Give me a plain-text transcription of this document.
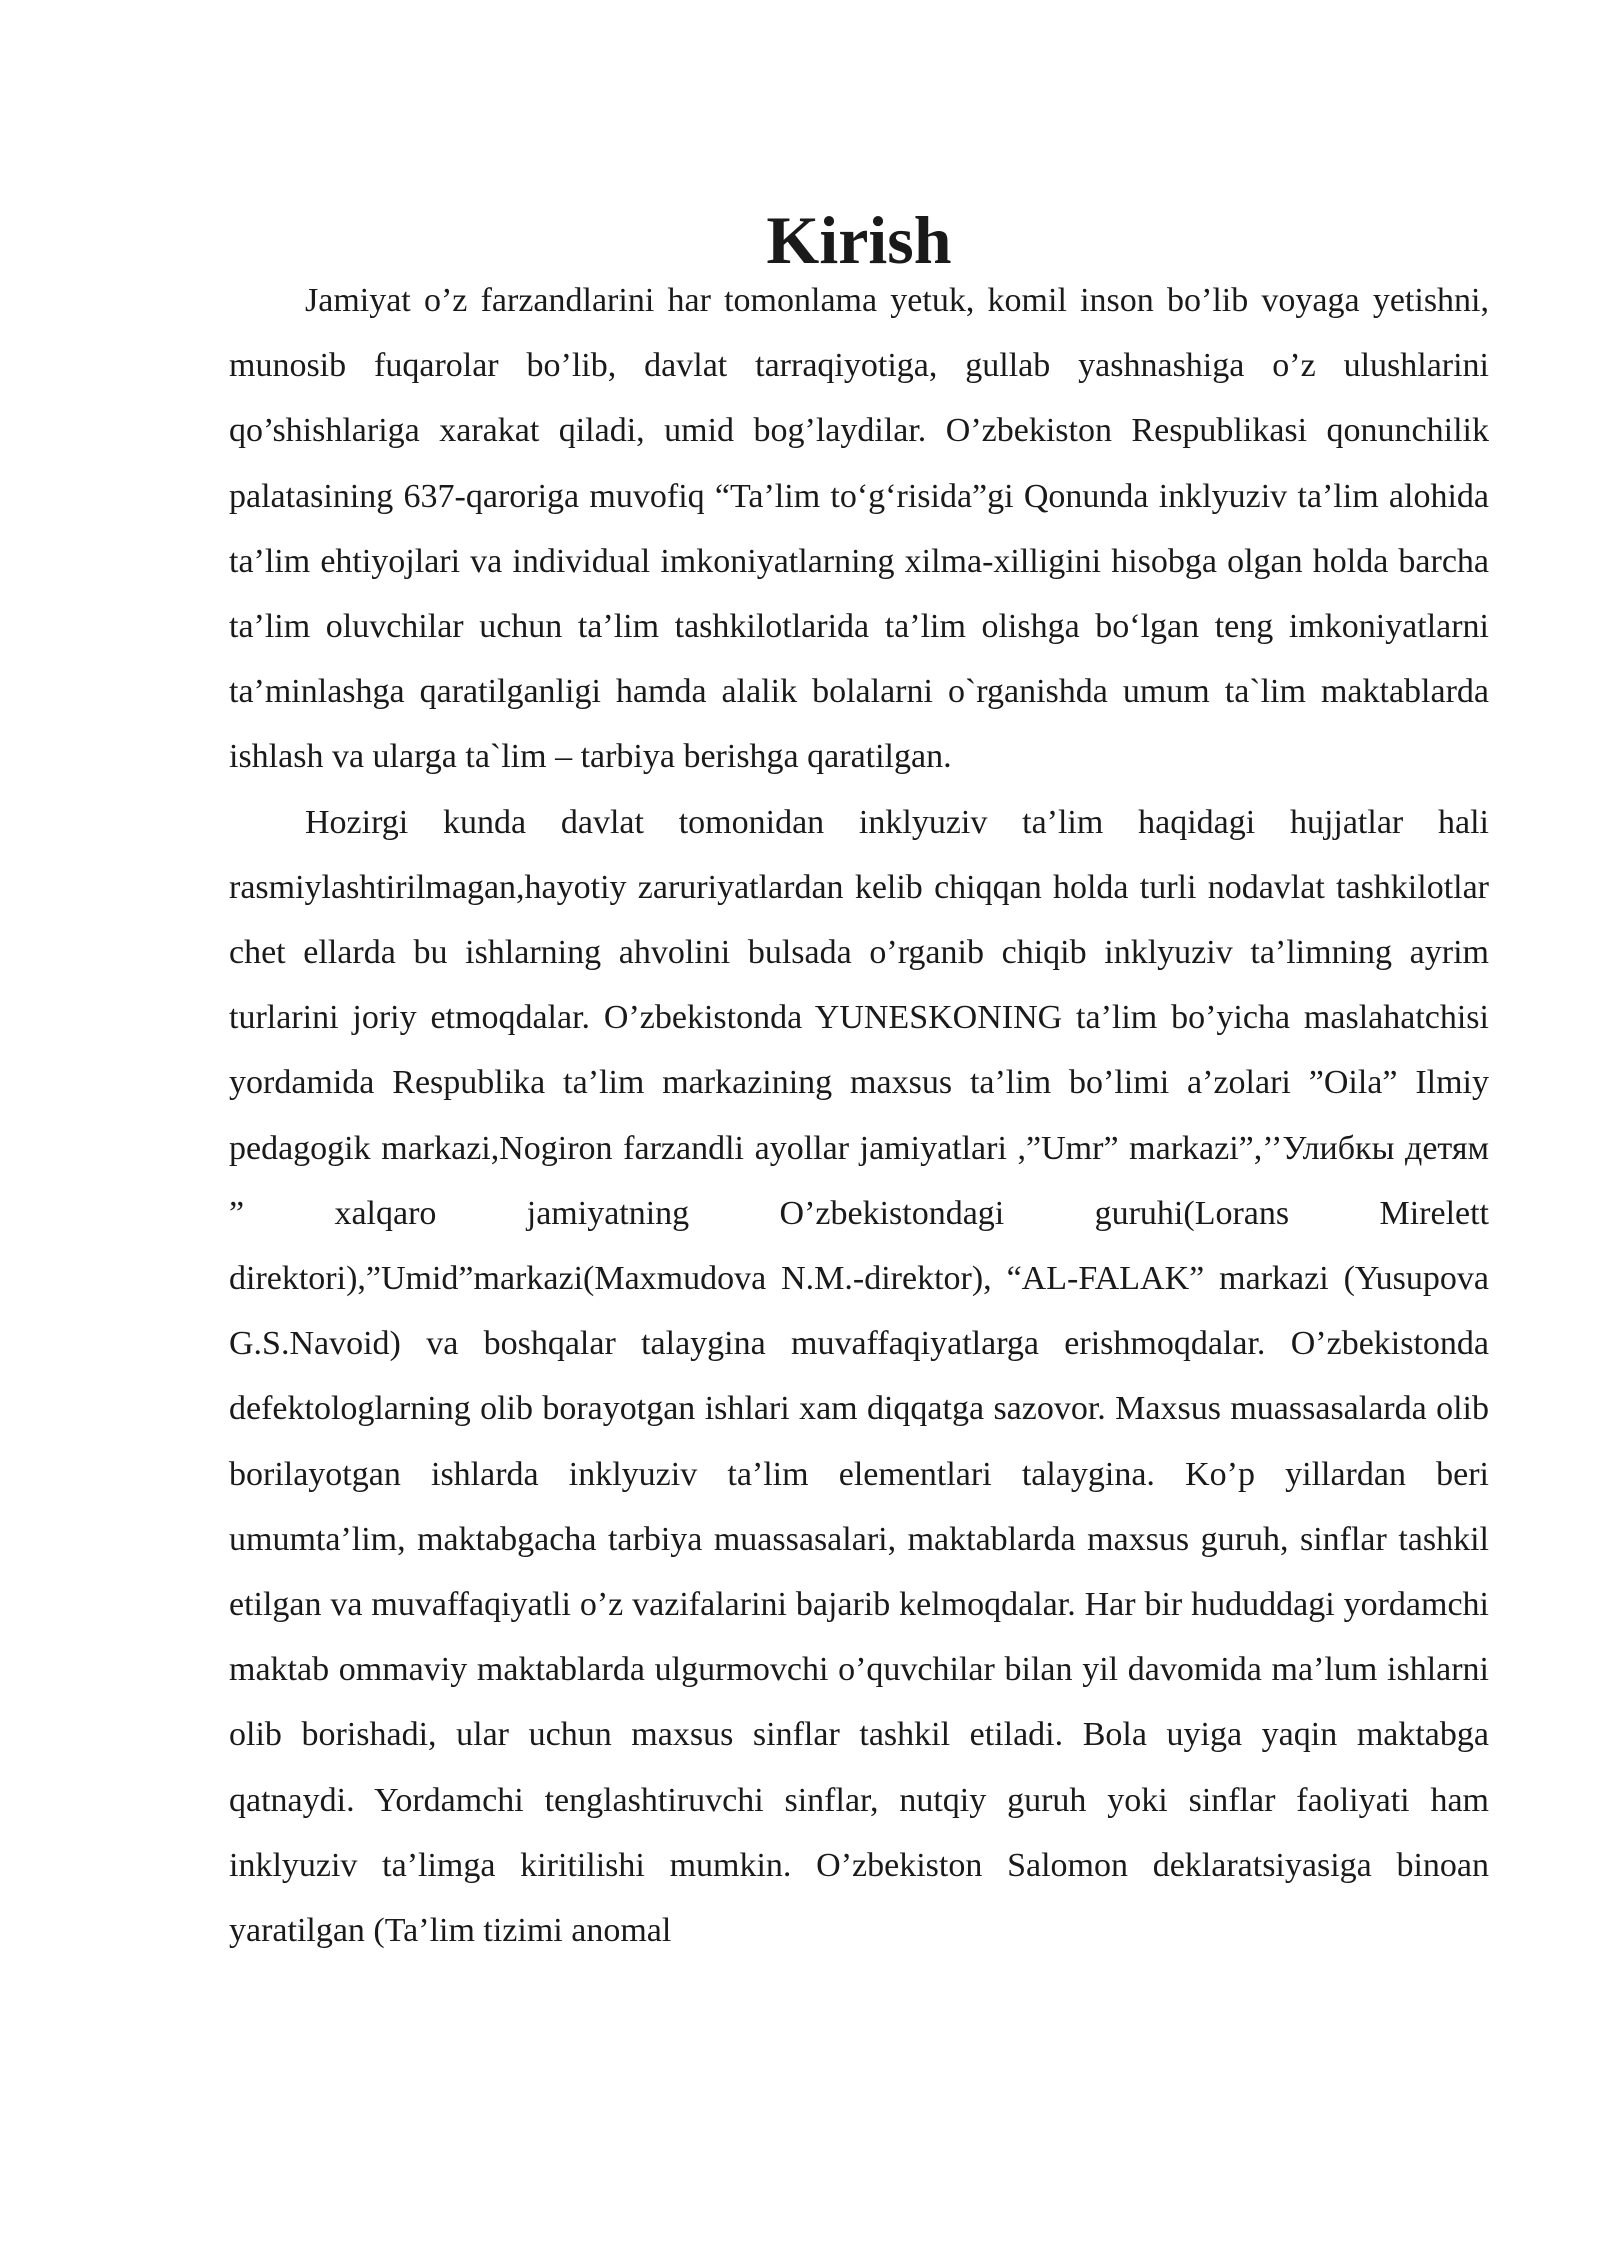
Kirish

Jamiyat o’z farzandlarini har tomonlama yetuk, komil inson bo’lib voyaga yetishni, munosib fuqarolar bo’lib, davlat tarraqiyotiga, gullab yashnashiga o’z ulushlarini qo’shishlariga xarakat qiladi, umid bog’laydilar. O’zbekiston Respublikasi qonunchilik palatasining 637-qaroriga muvofiq “Ta’lim to‘g‘risida”gi Qonunda inklyuziv ta’lim alohida ta’lim ehtiyojlari va individual imkoniyatlarning xilma-xilligini hisobga olgan holda barcha ta’lim oluvchilar uchun ta’lim tashkilotlarida ta’lim olishga bo‘lgan teng imkoniyatlarni ta’minlashga qaratilganligi hamda alalik bolalarni o`rganishda umum ta`lim maktablarda ishlash va ularga ta`lim – tarbiya berishga qaratilgan.

Hozirgi kunda davlat tomonidan inklyuziv ta’lim haqidagi hujjatlar hali rasmiylashtirilmagan,hayotiy zaruriyatlardan kelib chiqqan holda turli nodavlat tashkilotlar chet ellarda bu ishlarning ahvolini bulsada o’rganib chiqib inklyuziv ta’limning ayrim turlarini joriy etmoqdalar. O’zbekistonda YUNESKONING ta’lim bo’yicha maslahatchisi yordamida Respublika ta’lim markazining maxsus ta’lim bo’limi a’zolari ”Oila” Ilmiy pedagogik markazi,Nogiron farzandli ayollar jamiyatlari ,”Umr” markazi”,’’Улибкы детям ” xalqaro jamiyatning O’zbekistondagi guruhi(Lorans Mirelett direktori),”Umid”markazi(Maxmudova N.M.-direktor), “AL-FALAK” markazi (Yusupova G.S.Navoid) va boshqalar talaygina muvaffaqiyatlarga erishmoqdalar. O’zbekistonda defektologlarning olib borayotgan ishlari xam diqqatga sazovor. Maxsus muassasalarda olib borilayotgan ishlarda inklyuziv ta’lim elementlari talaygina. Ko’p yillardan beri umumta’lim, maktabgacha tarbiya muassasalari, maktablarda maxsus guruh, sinflar tashkil etilgan va muvaffaqiyatli o’z vazifalarini bajarib kelmoqdalar. Har bir hududdagi yordamchi maktab ommaviy maktablarda ulgurmovchi o’quvchilar bilan yil davomida ma’lum ishlarni olib borishadi, ular uchun maxsus sinflar tashkil etiladi. Bola uyiga yaqin maktabga qatnaydi. Yordamchi tenglashtiruvchi sinflar, nutqiy guruh yoki sinflar faoliyati ham inklyuziv ta’limga kiritilishi mumkin. O’zbekiston Salomon deklaratsiyasiga binoan yaratilgan (Ta’lim tizimi anomal
